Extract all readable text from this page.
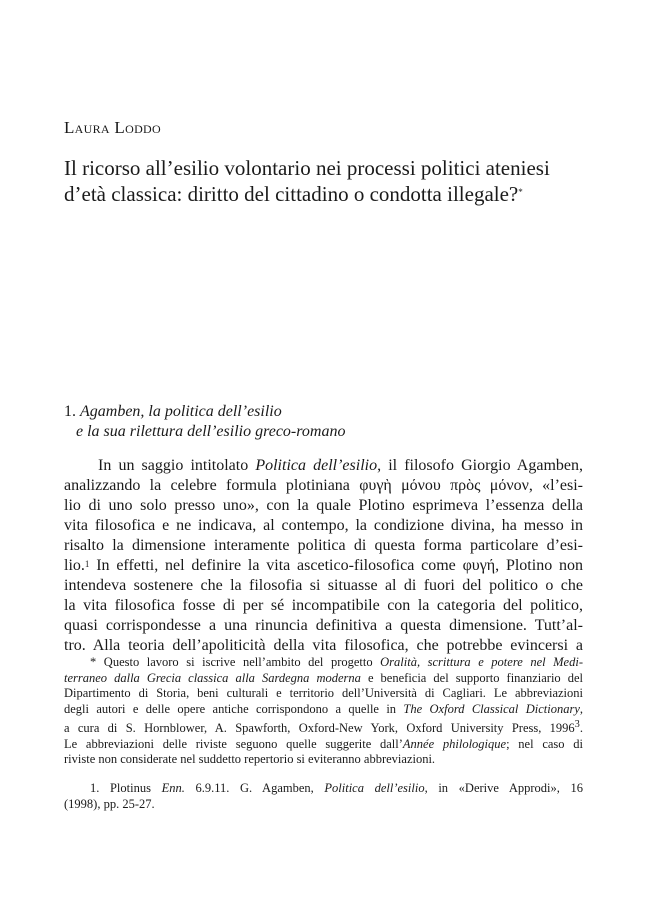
Laura Loddo
Il ricorso all’esilio volontario nei processi politici ateniesi
d’età classica: diritto del cittadino o condotta illegale?*
1. Agamben, la politica dell’esilio
e la sua rilettura dell’esilio greco-romano
In un saggio intitolato Politica dell’esilio, il filosofo Giorgio Agamben,
analizzando la celebre formula plotiniana φυγὴ μόνου πρὸς μόνον, «l’esi-
lio di uno solo presso uno», con la quale Plotino esprimeva l’essenza della
vita filosofica e ne indicava, al contempo, la condizione divina, ha messo in
risalto la dimensione interamente politica di questa forma particolare d’esi-
lio.$^1$ In effetti, nel definire la vita ascetico-filosofica come φυγή, Plotino non
intendeva sostenere che la filosofia si situasse al di fuori del politico o che
la vita filosofica fosse di per sé incompatibile con la categoria del politico,
quasi corrispondesse a una rinuncia definitiva a questa dimensione. Tutt’al-
tro. Alla teoria dell’apoliticità della vita filosofica, che potrebbe evincersi a
* Questo lavoro si iscrive nell’ambito del progetto Oralità, scrittura e potere nel Medi-
terraneo dalla Grecia classica alla Sardegna moderna e beneficia del supporto finanziario del
Dipartimento di Storia, beni culturali e territorio dell’Università di Cagliari. Le abbreviazioni
degli autori e delle opere antiche corrispondono a quelle in The Oxford Classical Dictionary,
a cura di S. Hornblower, A. Spawforth, Oxford-New York, Oxford University Press, 1996$^3$.
Le abbreviazioni delle riviste seguono quelle suggerite dall’Année philologique; nel caso di
riviste non considerate nel suddetto repertorio si eviteranno abbreviazioni.
1. Plotinus Enn. 6.9.11. G. Agamben, Politica dell’esilio, in «Derive Approdi», 16
(1998), pp. 25-27.
